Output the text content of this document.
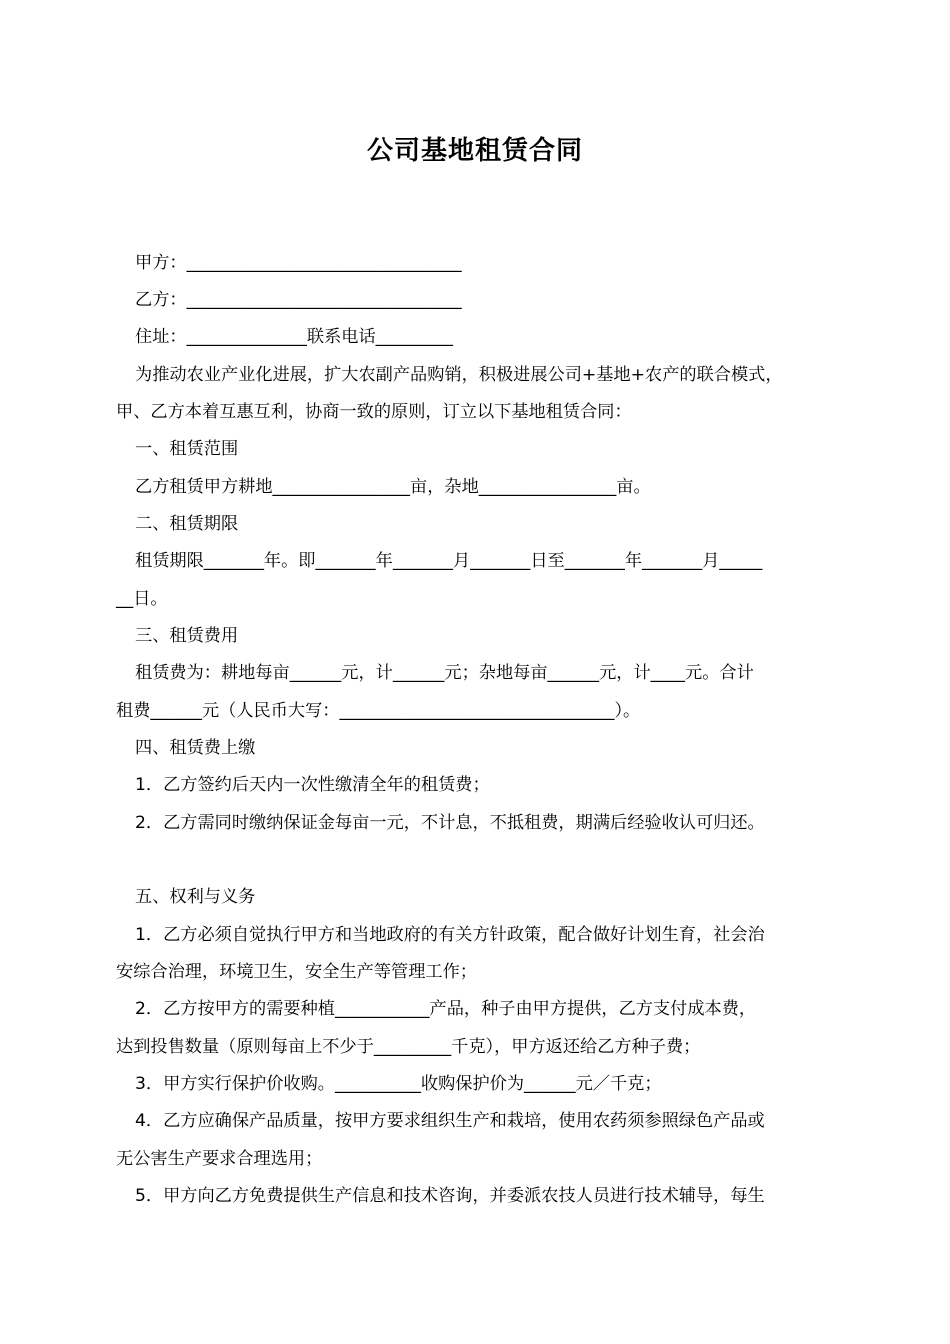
公司基地租赁合同
甲方：________________________________
乙方：________________________________
住址：______________联系电话_________
为推动农业产业化进展，扩大农副产品购销，积极进展公司+基地+农产的联合模式，
甲、乙方本着互惠互利，协商一致的原则，订立以下基地租赁合同：
一、租赁范围
乙方租赁甲方耕地________________亩，杂地________________亩。
二、租赁期限
租赁期限_______年。即_______年_______月_______日至_______年_______月_____
__日。
三、租赁费用
租赁费为：耕地每亩______元，计______元；杂地每亩______元，计____元。合计
租费______元（人民币大写：________________________________）。
四、租赁费上缴
1．乙方签约后天内一次性缴清全年的租赁费；
2．乙方需同时缴纳保证金每亩一元，不计息，不抵租费，期满后经验收认可归还。
五、权利与义务
1．乙方必须自觉执行甲方和当地政府的有关方针政策，配合做好计划生育，社会治
安综合治理，环境卫生，安全生产等管理工作；
2．乙方按甲方的需要种植___________产品，种子由甲方提供，乙方支付成本费，
达到投售数量（原则每亩上不少于_________千克），甲方返还给乙方种子费；
3．甲方实行保护价收购。__________收购保护价为______元／千克；
4．乙方应确保产品质量，按甲方要求组织生产和栽培，使用农药须参照绿色产品或
无公害生产要求合理选用；
5．甲方向乙方免费提供生产信息和技术咨询，并委派农技人员进行技术辅导，每生
